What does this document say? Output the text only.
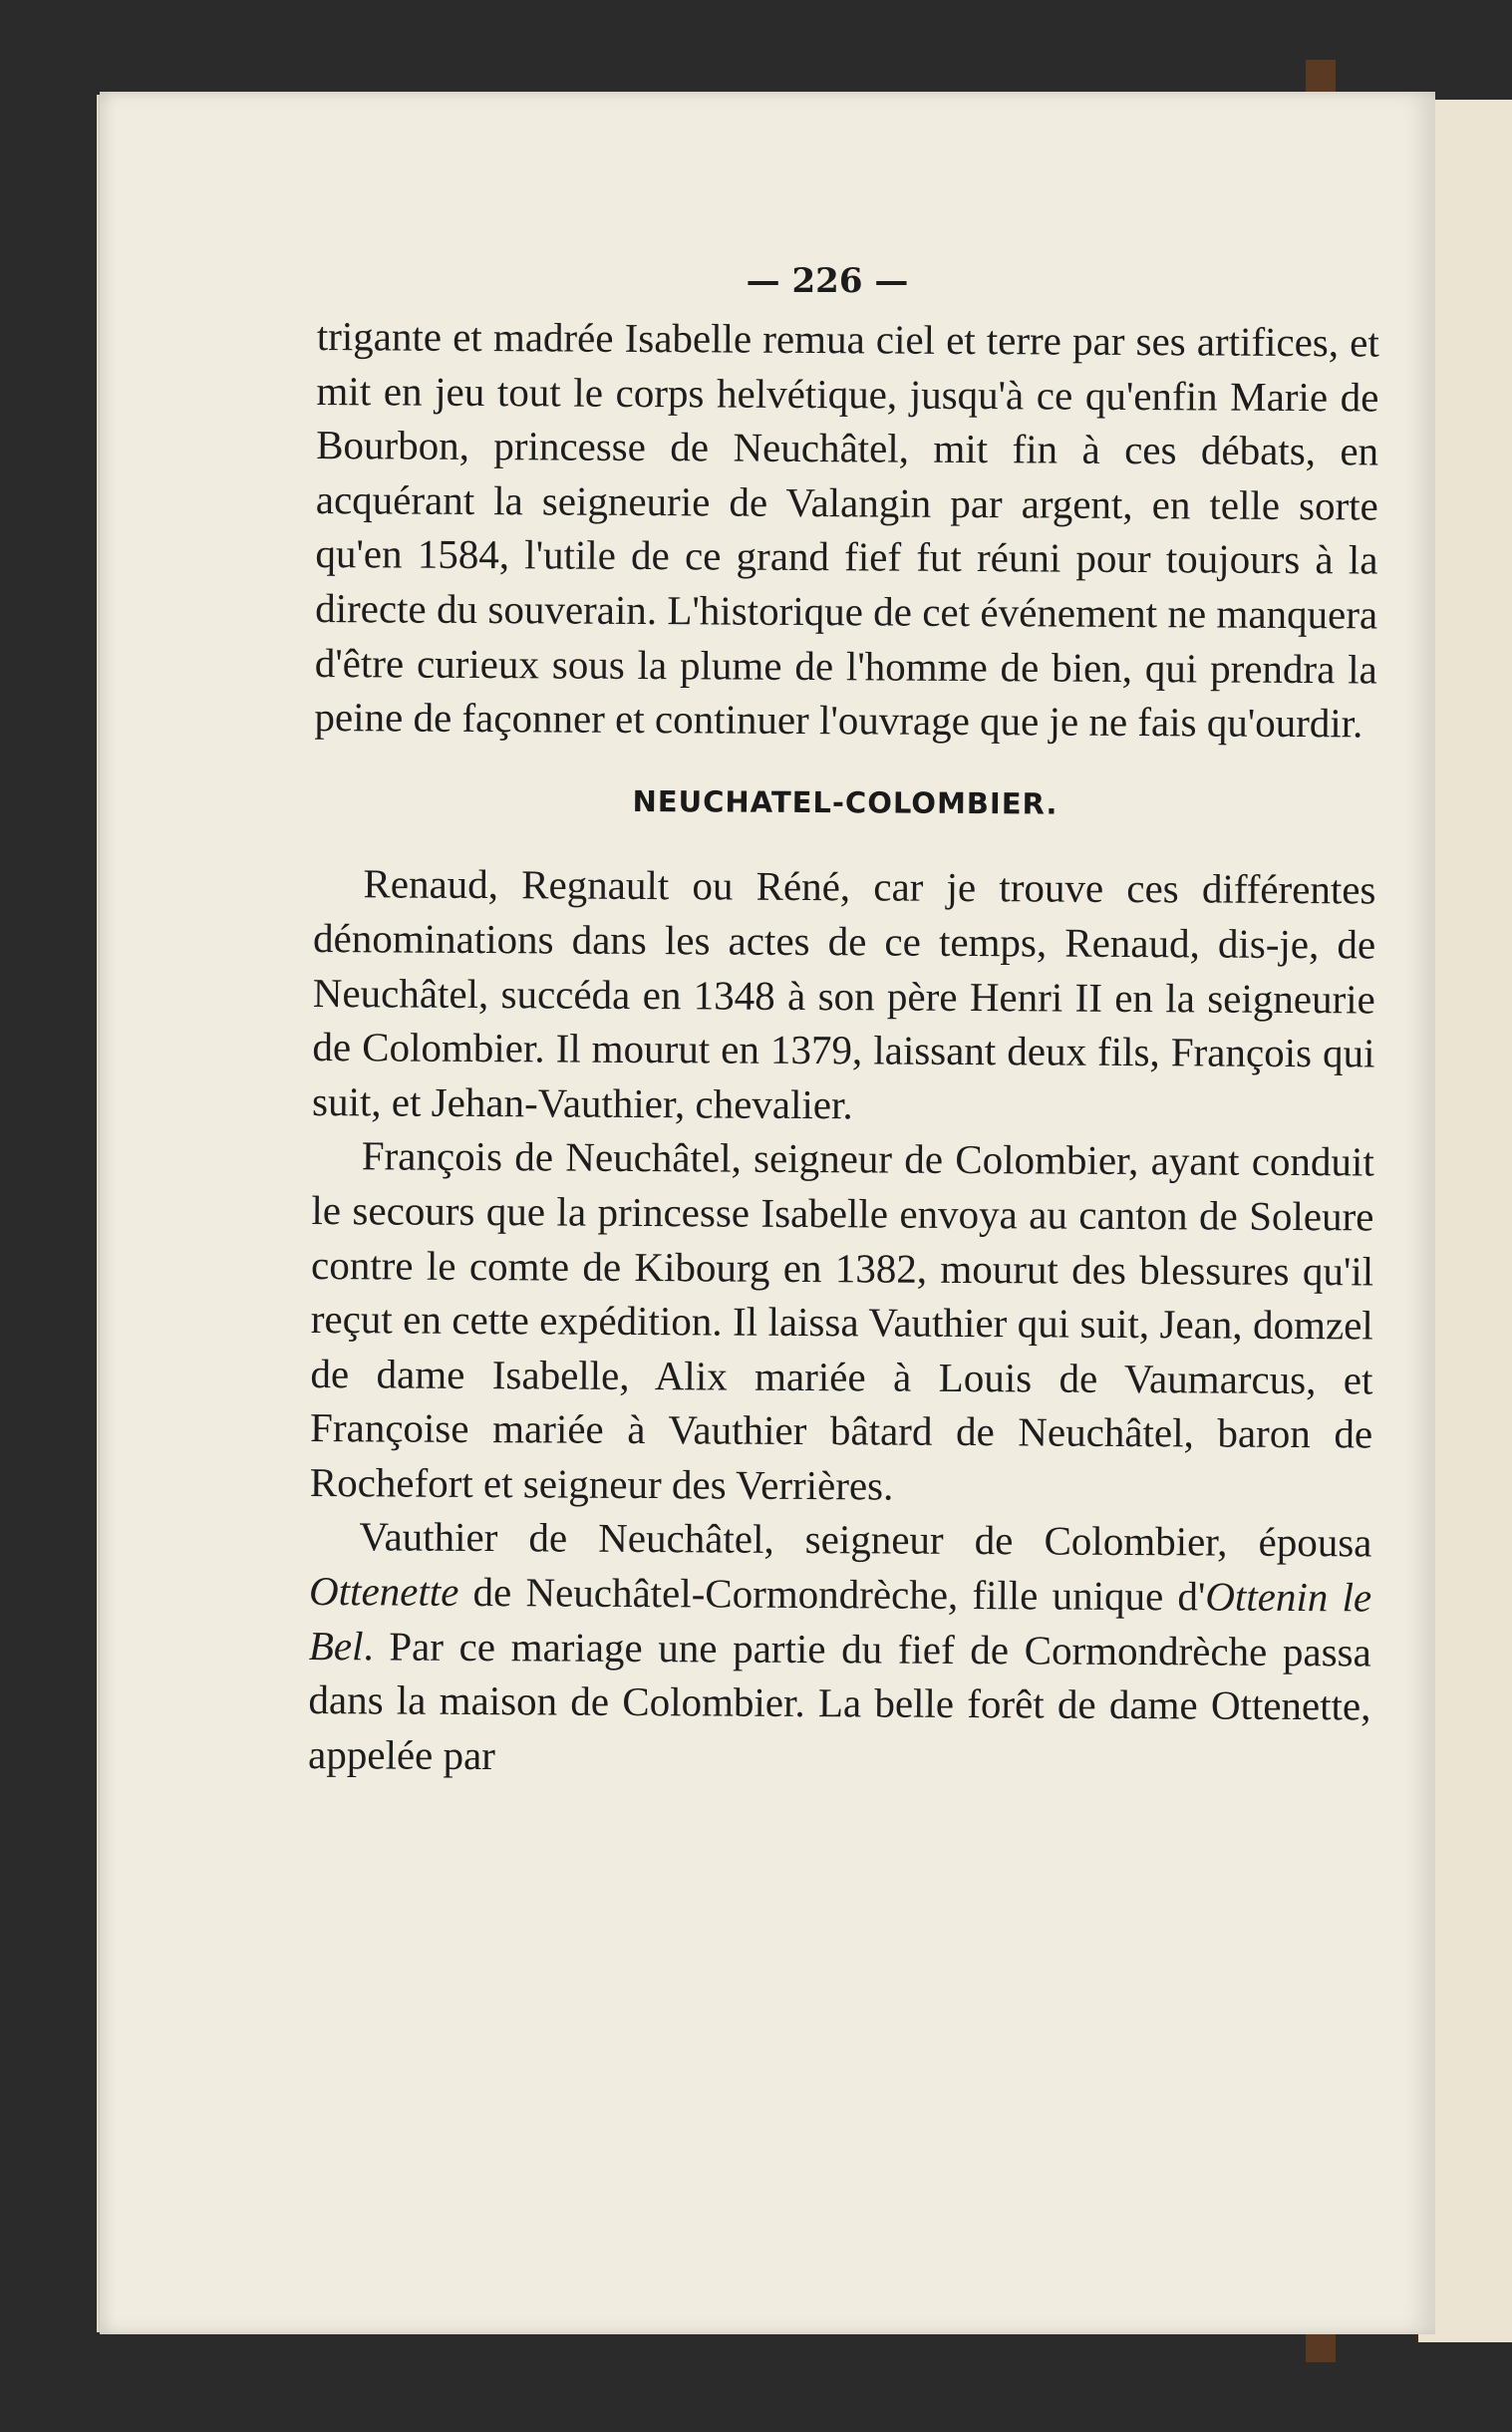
— 226 —

trigante et madrée Isabelle remua ciel et terre par ses artifices, et mit en jeu tout le corps helvétique, jusqu'à ce qu'enfin Marie de Bourbon, princesse de Neuchâtel, mit fin à ces débats, en acquérant la seigneurie de Valangin par argent, en telle sorte qu'en 1584, l'utile de ce grand fief fut réuni pour toujours à la directe du souverain. L'historique de cet événement ne manquera d'être curieux sous la plume de l'homme de bien, qui prendra la peine de façonner et continuer l'ouvrage que je ne fais qu'ourdir.

NEUCHATEL-COLOMBIER.

Renaud, Regnault ou Réné, car je trouve ces différentes dénominations dans les actes de ce temps, Renaud, dis-je, de Neuchâtel, succéda en 1348 à son père Henri II en la seigneurie de Colombier. Il mourut en 1379, laissant deux fils, François qui suit, et Jehan-Vauthier, chevalier.

François de Neuchâtel, seigneur de Colombier, ayant conduit le secours que la princesse Isabelle envoya au canton de Soleure contre le comte de Kibourg en 1382, mourut des blessures qu'il reçut en cette expédition. Il laissa Vauthier qui suit, Jean, domzel de dame Isabelle, Alix mariée à Louis de Vaumarcus, et Françoise mariée à Vauthier bâtard de Neuchâtel, baron de Rochefort et seigneur des Verrières.

Vauthier de Neuchâtel, seigneur de Colombier, épousa Ottenette de Neuchâtel-Cormondrèche, fille unique d'Ottenin le Bel. Par ce mariage une partie du fief de Cormondrèche passa dans la maison de Colombier. La belle forêt de dame Ottenette, appelée par
